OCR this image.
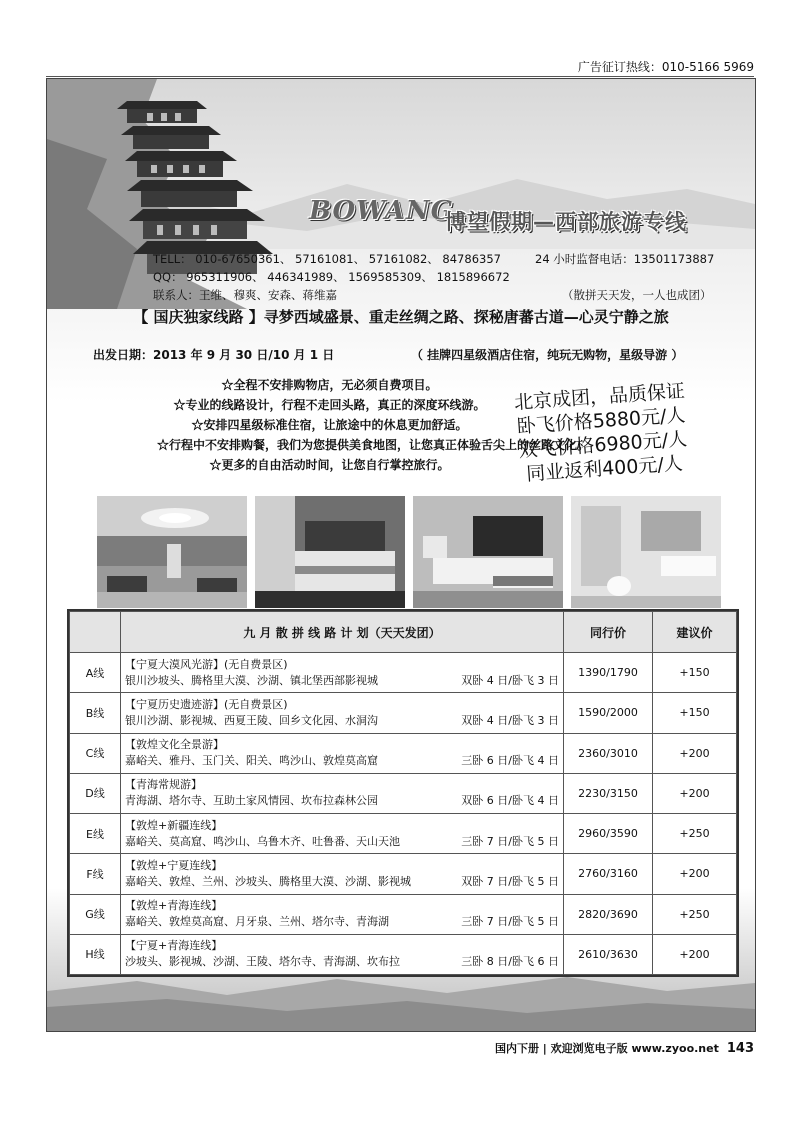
广告征订热线：010-5166 5969
BOWANG
博望假期—西部旅游专线
TELL： 010-67650361、 57161081、 57161082、 84786357	24 小时监督电话：13501173887
QQ： 965311906、 446341989、 1569585309、 1815896672
联系人：王维、穆爽、安森、蒋维嘉	（散拼天天发，一人也成团）
【 国庆独家线路 】寻梦西域盛景、重走丝绸之路、探秘唐蕃古道—心灵宁静之旅
出发日期：2013 年 9 月 30 日/10 月 1 日	（ 挂牌四星级酒店住宿，纯玩无购物，星级导游 ）
☆全程不安排购物店，无必须自费项目。
☆专业的线路设计，行程不走回头路，真正的深度环线游。
☆安排四星级标准住宿，让旅途中的休息更加舒适。
☆行程中不安排购餐，我们为您提供美食地图，让您真正体验舌尖上的丝路文化。
☆更多的自由活动时间，让您自行掌控旅行。
北京成团，品质保证
卧飞价格5880元/人
双飞价格6980元/人
同业返利400元/人
	九 月 散 拼 线 路 计 划（天天发团）	同行价	建议价
A线	【宁夏大漠风光游】(无自费景区)
银川沙坡头、腾格里大漠、沙湖、镇北堡西部影视城 双卧 4 日/卧飞 3 日	1390/1790	+150
B线	【宁夏历史遗迹游】(无自费景区)
银川沙湖、影视城、西夏王陵、回乡文化园、水洞沟 双卧 4 日/卧飞 3 日	1590/2000	+150
C线	【敦煌文化全景游】
嘉峪关、雅丹、玉门关、阳关、鸣沙山、敦煌莫高窟 三卧 6 日/卧飞 4 日	2360/3010	+200
D线	【青海常规游】
青海湖、塔尔寺、互助土家风情园、坎布拉森林公园 双卧 6 日/卧飞 4 日	2230/3150	+200
E线	【敦煌+新疆连线】
嘉峪关、莫高窟、鸣沙山、乌鲁木齐、吐鲁番、天山天池 三卧 7 日/卧飞 5 日	2960/3590	+250
F线	【敦煌+宁夏连线】
嘉峪关、敦煌、兰州、沙坡头、腾格里大漠、沙湖、影视城 双卧 7 日/卧飞 5 日	2760/3160	+200
G线	【敦煌+青海连线】
嘉峪关、敦煌莫高窟、月牙泉、兰州、塔尔寺、青海湖 三卧 7 日/卧飞 5 日	2820/3690	+250
H线	【宁夏+青海连线】
沙坡头、影视城、沙湖、王陵、塔尔寺、青海湖、坎布拉 三卧 8 日/卧飞 6 日	2610/3630	+200
国内下册 | 欢迎浏览电子版 www.zyoo.net 143
